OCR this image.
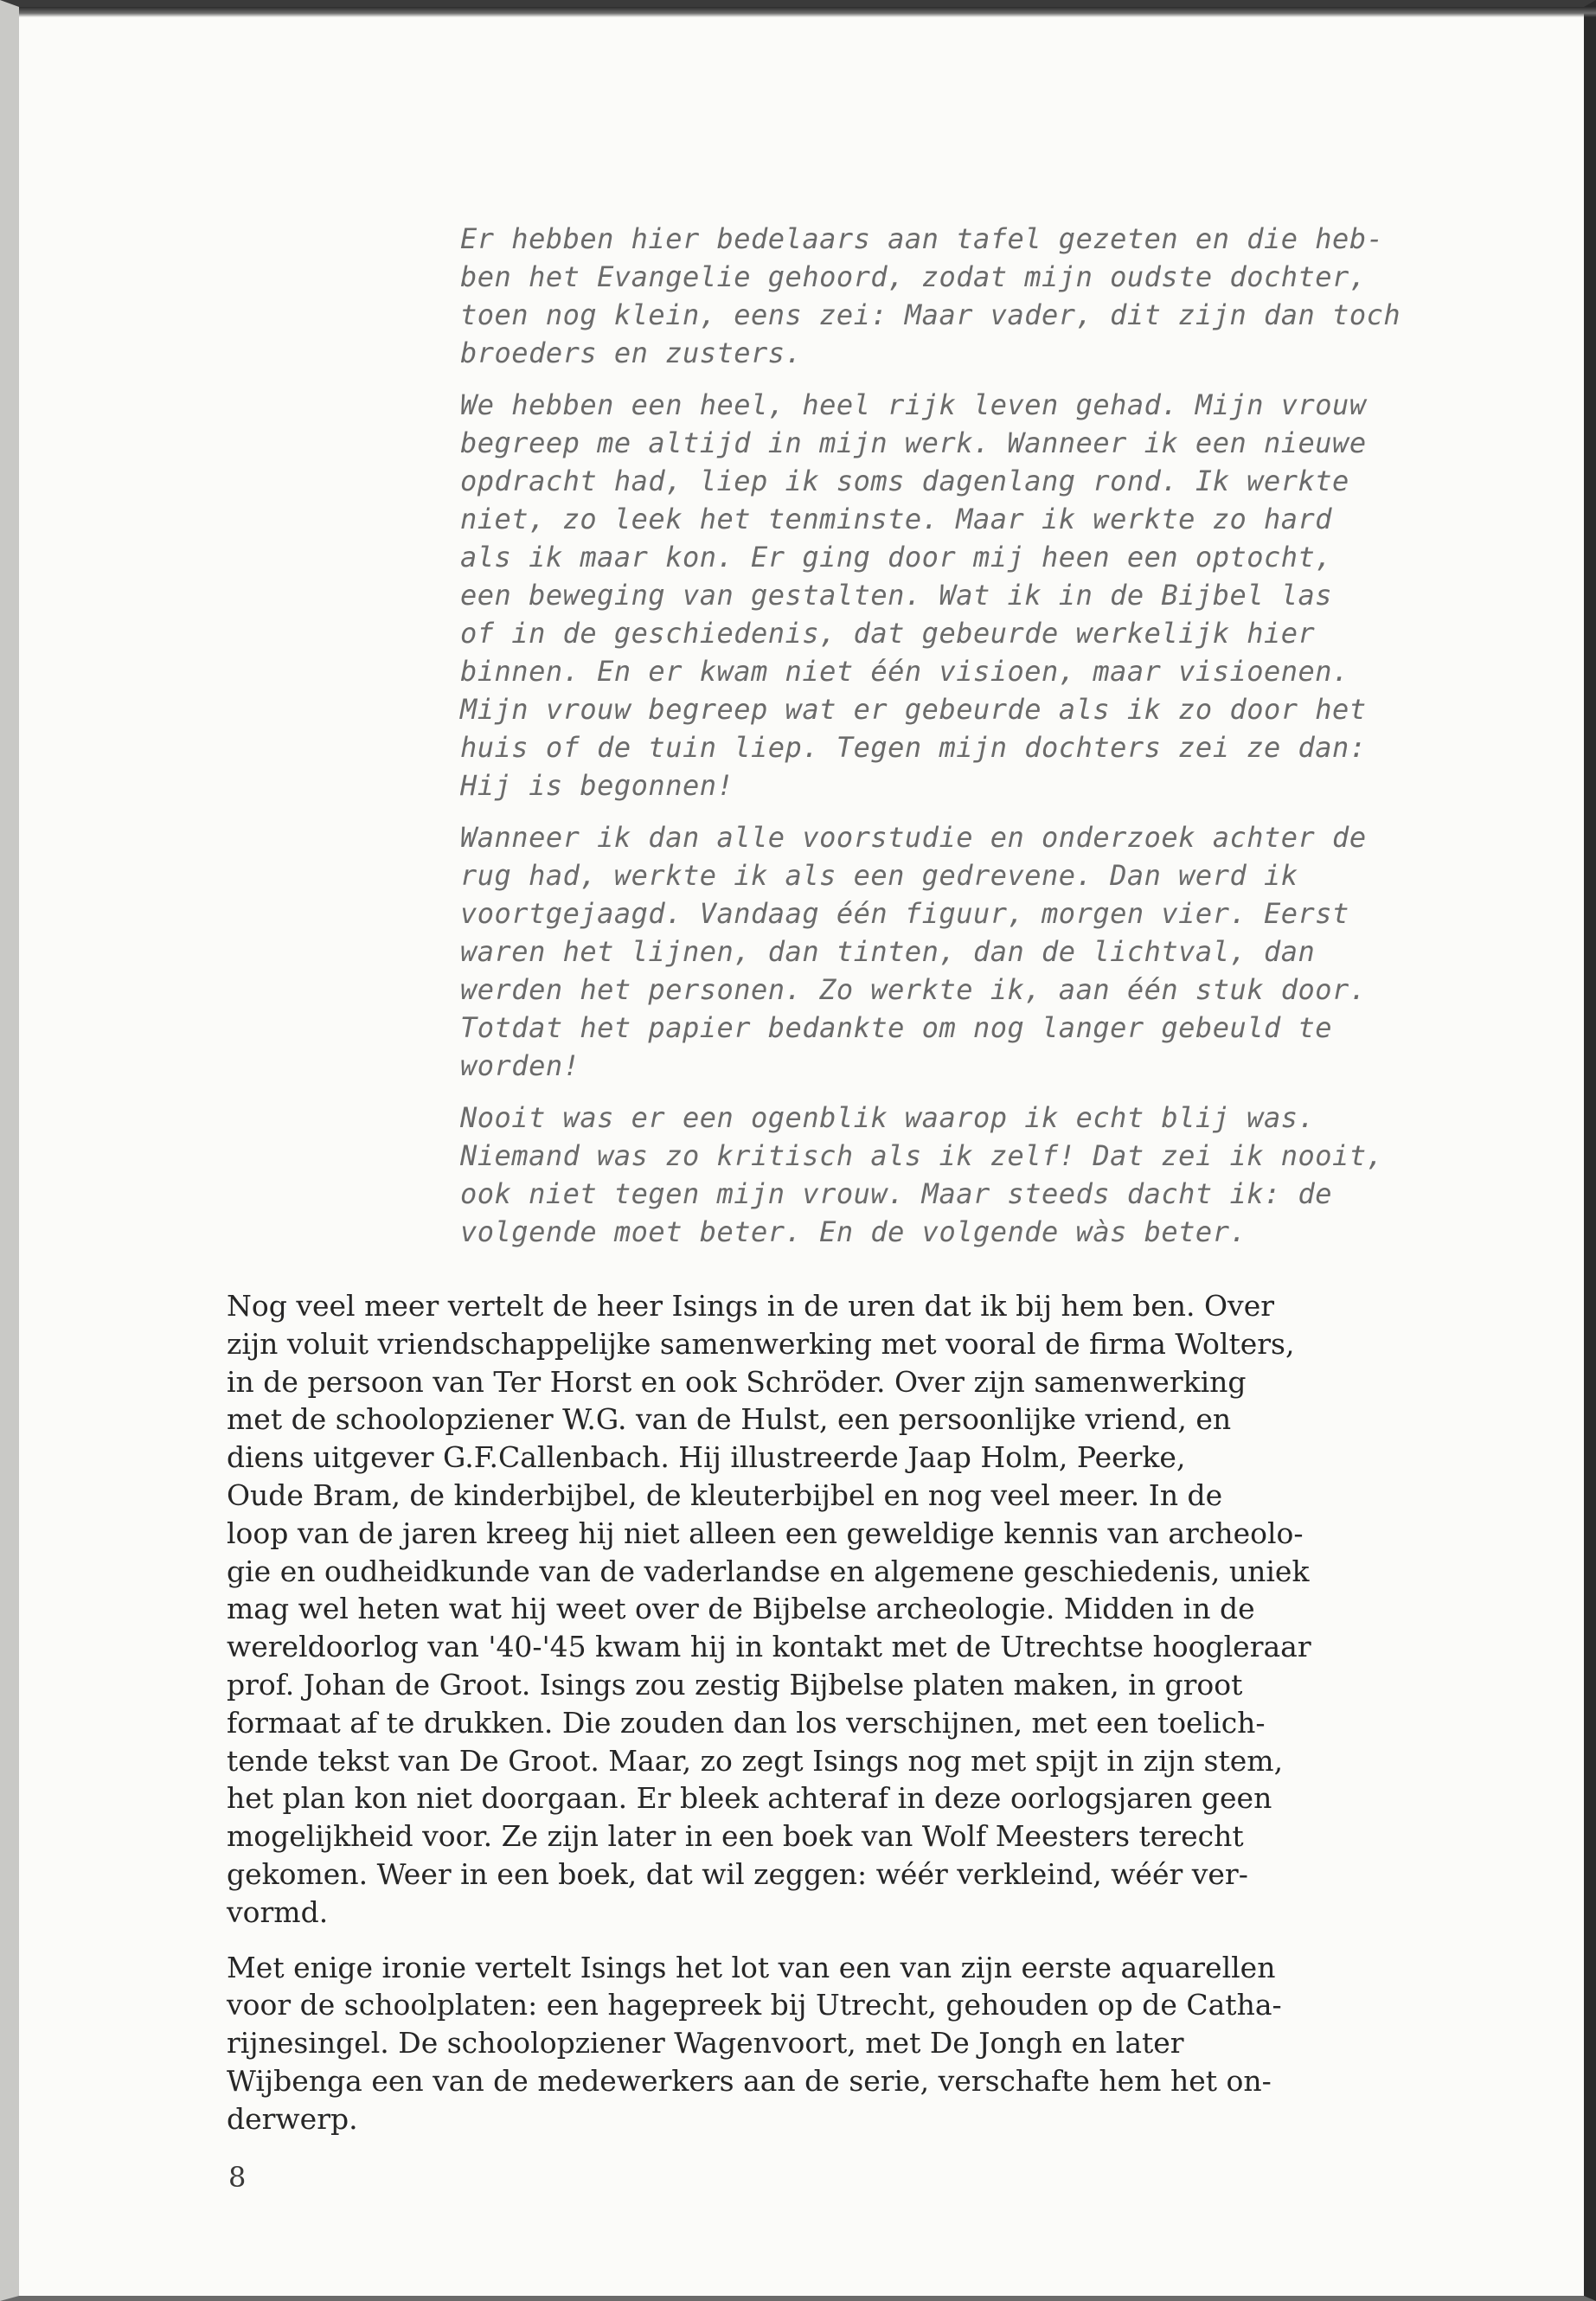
Er hebben hier bedelaars aan tafel gezeten en die heb-
ben het Evangelie gehoord, zodat mijn oudste dochter,
toen nog klein, eens zei: Maar vader, dit zijn dan toch
broeders en zusters.

We hebben een heel, heel rijk leven gehad. Mijn vrouw
begreep me altijd in mijn werk. Wanneer ik een nieuwe
opdracht had, liep ik soms dagenlang rond. Ik werkte
niet, zo leek het tenminste. Maar ik werkte zo hard
als ik maar kon. Er ging door mij heen een optocht,
een beweging van gestalten. Wat ik in de Bijbel las
of in de geschiedenis, dat gebeurde werkelijk hier
binnen. En er kwam niet één visioen, maar visioenen.
Mijn vrouw begreep wat er gebeurde als ik zo door het
huis of de tuin liep. Tegen mijn dochters zei ze dan:
Hij is begonnen!

Wanneer ik dan alle voorstudie en onderzoek achter de
rug had, werkte ik als een gedrevene. Dan werd ik
voortgejaagd. Vandaag één figuur, morgen vier. Eerst
waren het lijnen, dan tinten, dan de lichtval, dan
werden het personen. Zo werkte ik, aan één stuk door.
Totdat het papier bedankte om nog langer gebeuld te
worden!

Nooit was er een ogenblik waarop ik echt blij was.
Niemand was zo kritisch als ik zelf! Dat zei ik nooit,
ook niet tegen mijn vrouw. Maar steeds dacht ik: de
volgende moet beter. En de volgende wàs beter.

Nog veel meer vertelt de heer Isings in de uren dat ik bij hem ben. Over
zijn voluit vriendschappelijke samenwerking met vooral de firma Wolters,
in de persoon van Ter Horst en ook Schröder. Over zijn samenwerking
met de schoolopziener W.G. van de Hulst, een persoonlijke vriend, en
diens uitgever G.F.Callenbach. Hij illustreerde Jaap Holm, Peerke,
Oude Bram, de kinderbijbel, de kleuterbijbel en nog veel meer. In de
loop van de jaren kreeg hij niet alleen een geweldige kennis van archeolo-
gie en oudheidkunde van de vaderlandse en algemene geschiedenis, uniek
mag wel heten wat hij weet over de Bijbelse archeologie. Midden in de
wereldoorlog van '40-'45 kwam hij in kontakt met de Utrechtse hoogleraar
prof. Johan de Groot. Isings zou zestig Bijbelse platen maken, in groot
formaat af te drukken. Die zouden dan los verschijnen, met een toelich-
tende tekst van De Groot. Maar, zo zegt Isings nog met spijt in zijn stem,
het plan kon niet doorgaan. Er bleek achteraf in deze oorlogsjaren geen
mogelijkheid voor. Ze zijn later in een boek van Wolf Meesters terecht
gekomen. Weer in een boek, dat wil zeggen: wéér verkleind, wéér ver-
vormd.

Met enige ironie vertelt Isings het lot van een van zijn eerste aquarellen
voor de schoolplaten: een hagepreek bij Utrecht, gehouden op de Catha-
rijnesingel. De schoolopziener Wagenvoort, met De Jongh en later
Wijbenga een van de medewerkers aan de serie, verschafte hem het on-
derwerp.

8
